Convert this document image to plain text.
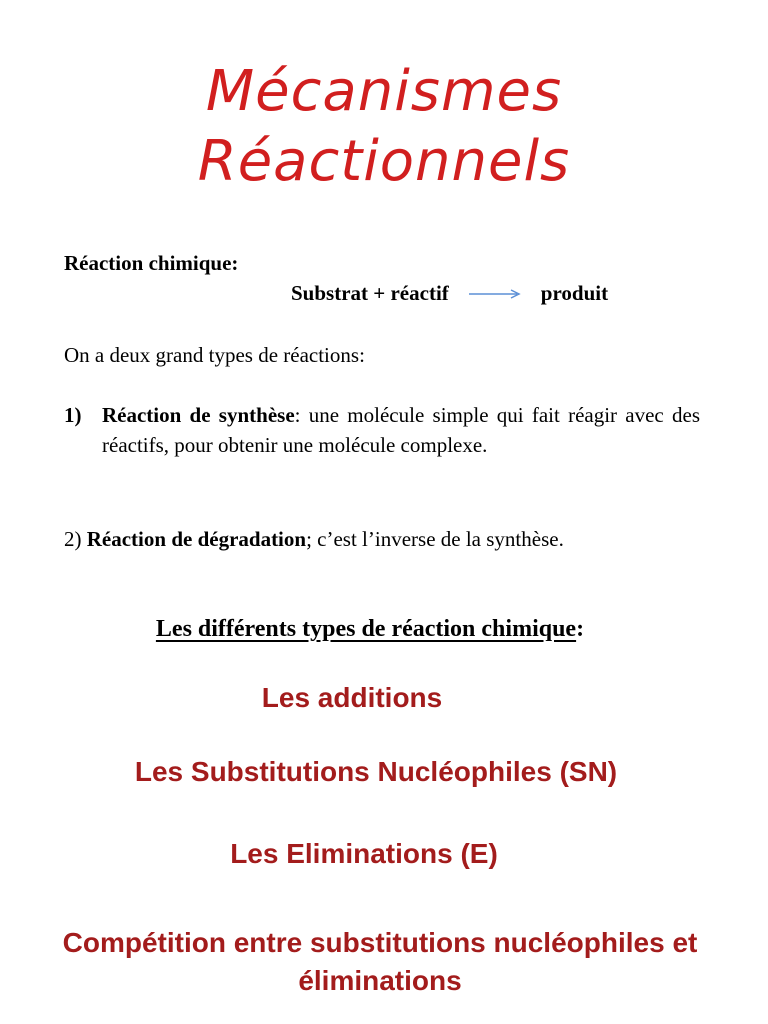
Mécanismes
Réactionnels
Réaction chimique:
Substrat + réactif	produit
On a deux grand types de réactions:
1) Réaction de synthèse: une molécule simple qui fait réagir avec des réactifs, pour obtenir une molécule complexe.
2) Réaction de dégradation; c’est l’inverse de la synthèse.
Les différents types de réaction chimique:
Les additions
Les Substitutions Nucléophiles (SN)
Les Eliminations (E)
Compétition entre substitutions nucléophiles et éliminations
